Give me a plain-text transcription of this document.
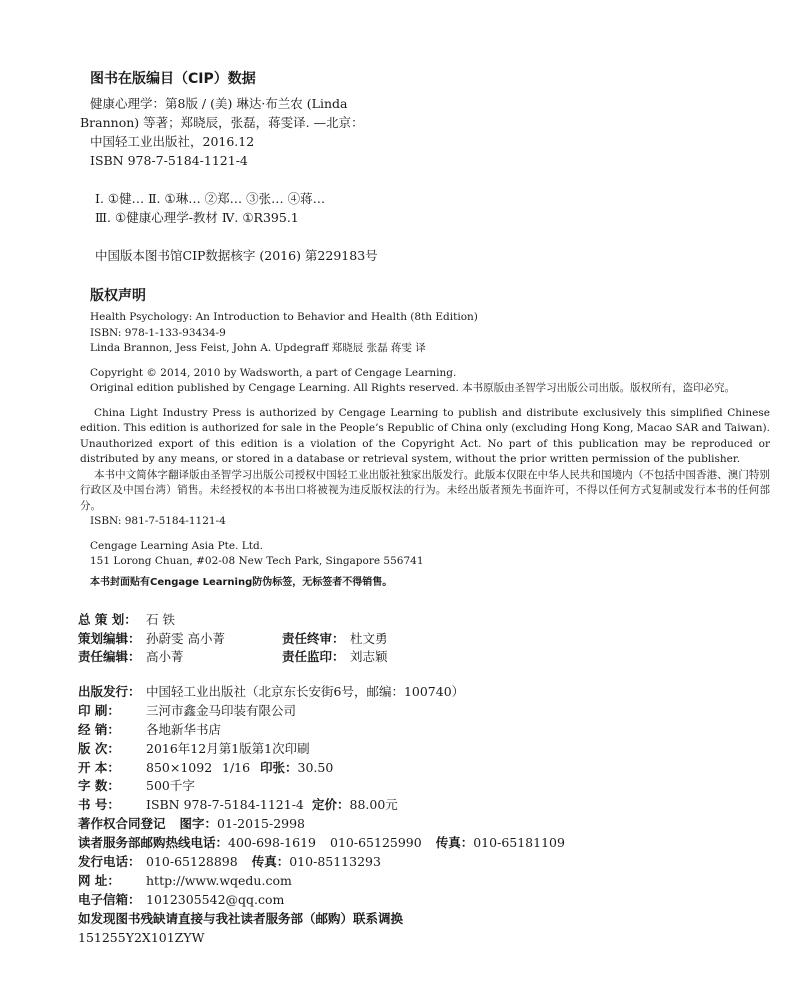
图书在版编目（CIP）数据
健康心理学：第8版 / (美) 琳达·布兰农 (Linda
Brannon) 等著；郑晓辰，张磊，蒋雯译. —北京：
中国轻工业出版社，2016.12
ISBN 978-7-5184-1121-4
Ⅰ. ①健… Ⅱ. ①琳… ②郑… ③张… ④蒋…
Ⅲ. ①健康心理学-教材 Ⅳ. ①R395.1
中国版本图书馆CIP数据核字 (2016) 第229183号
版权声明
Health Psychology: An Introduction to Behavior and Health (8th Edition)
ISBN: 978-1-133-93434-9
Linda Brannon, Jess Feist, John A. Updegraff 郑晓辰 张磊 蒋雯 译
Copyright © 2014, 2010 by Wadsworth, a part of Cengage Learning.
Original edition published by Cengage Learning. All Rights reserved. 本书原版由圣智学习出版公司出版。版权所有，盗印必究。

China Light Industry Press is authorized by Cengage Learning to publish and distribute exclusively this simplified Chinese edition. This edition is authorized for sale in the People’s Republic of China only (excluding Hong Kong, Macao SAR and Taiwan). Unauthorized export of this edition is a violation of the Copyright Act. No part of this publication may be reproduced or distributed by any means, or stored in a database or retrieval system, without the prior written permission of the publisher.

本书中文简体字翻译版由圣智学习出版公司授权中国轻工业出版社独家出版发行。此版本仅限在中华人民共和国境内（不包括中国香港、澳门特别行政区及中国台湾）销售。未经授权的本书出口将被视为违反版权法的行为。未经出版者预先书面许可，不得以任何方式复制或发行本书的任何部分。

ISBN: 981-7-5184-1121-4
Cengage Learning Asia Pte. Ltd.
151 Lorong Chuan, #02-08 New Tech Park, Singapore 556741
本书封面贴有Cengage Learning防伪标签，无标签者不得销售。
总 策 划： 石 铁
策划编辑： 孙蔚雯 高小菁	责任终审： 杜文勇
责任编辑： 高小菁	责任监印： 刘志颖
出版发行： 中国轻工业出版社（北京东长安街6号，邮编：100740）
印 刷： 三河市鑫金马印装有限公司
经 销： 各地新华书店
版 次： 2016年12月第1版第1次印刷
开 本： 850×1092 1/16 印张：30.50
字 数： 500千字
书 号： ISBN 978-7-5184-1121-4 定价：88.00元
著作权合同登记 图字：01-2015-2998
读者服务部邮购热线电话：400-698-1619 010-65125990 传真：010-65181109
发行电话： 010-65128898 传真：010-85113293
网 址： http://www.wqedu.com
电子信箱： 1012305542@qq.com
如发现图书残缺请直接与我社读者服务部（邮购）联系调换
151255Y2X101ZYW
